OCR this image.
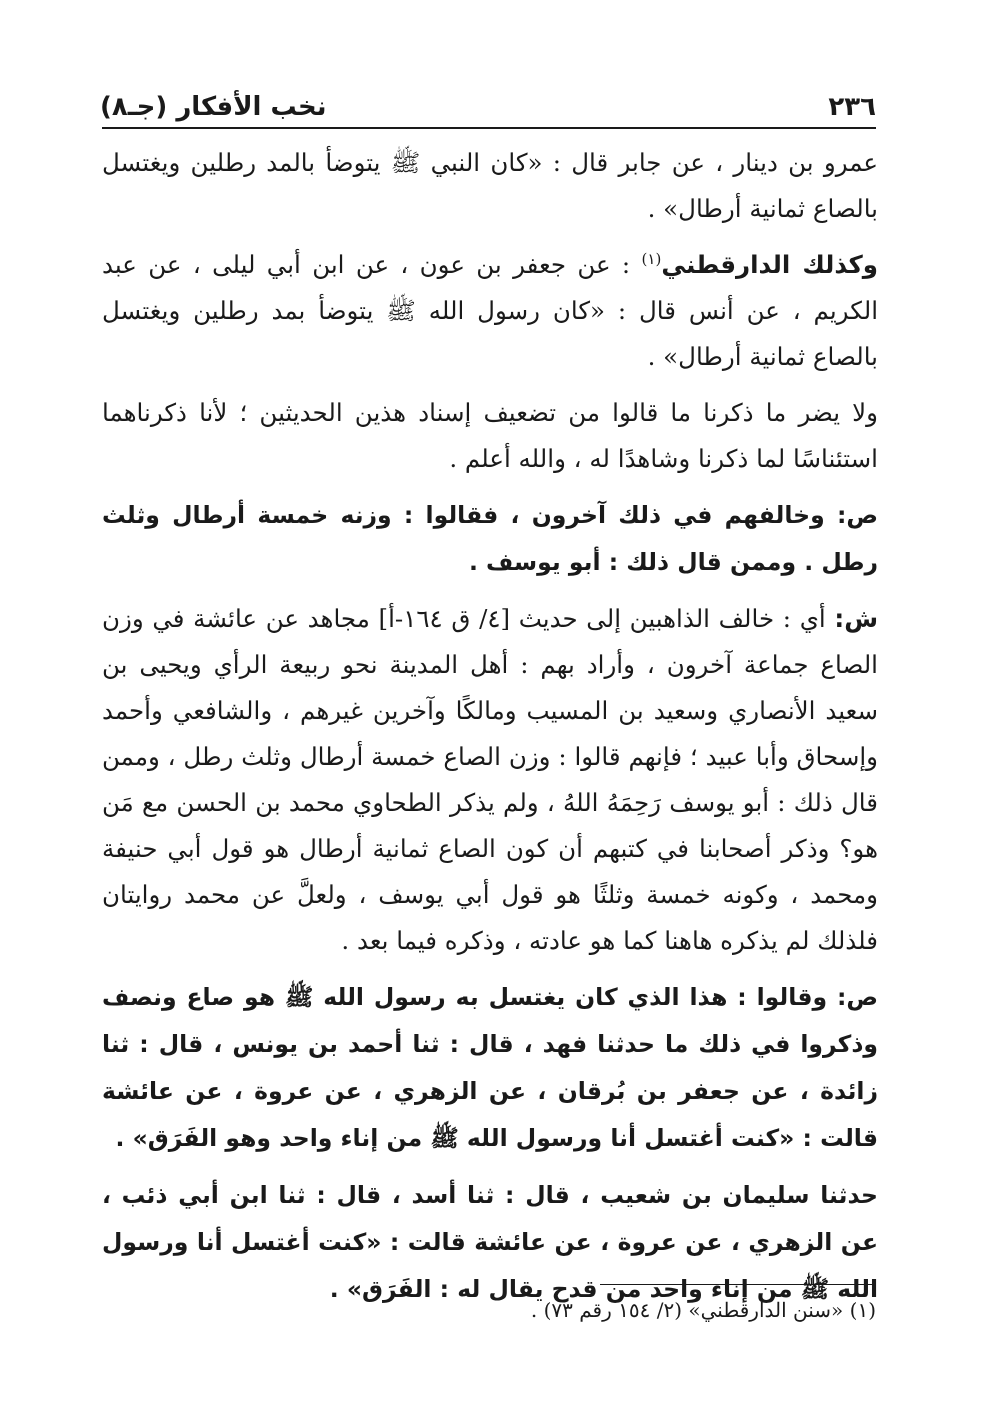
٢٣٦
نخب الأفكار (جـ٨)

عمرو بن دينار ، عن جابر قال : «كان النبي ﷺ يتوضأ بالمد رطلين ويغتسل بالصاع ثمانية أرطال» .

وكذلك الدارقطني$^{(١)}$ : عن جعفر بن عون ، عن ابن أبي ليلى ، عن عبد الكريم ، عن أنس قال : «كان رسول الله ﷺ يتوضأ بمد رطلين ويغتسل بالصاع ثمانية أرطال» .

ولا يضر ما ذكرنا ما قالوا من تضعيف إسناد هذين الحديثين ؛ لأنا ذكرناهما استئناسًا لما ذكرنا وشاهدًا له ، والله أعلم .

ص: وخالفهم في ذلك آخرون ، فقالوا : وزنه خمسة أرطال وثلث رطل . وممن قال ذلك : أبو يوسف .

ش: أي : خالف الذاهبين إلى حديث [٤/ ق ١٦٤-أ] مجاهد عن عائشة في وزن الصاع جماعة آخرون ، وأراد بهم : أهل المدينة نحو ربيعة الرأي ويحيى بن سعيد الأنصاري وسعيد بن المسيب ومالكًا وآخرين غيرهم ، والشافعي وأحمد وإسحاق وأبا عبيد ؛ فإنهم قالوا : وزن الصاع خمسة أرطال وثلث رطل ، وممن قال ذلك : أبو يوسف رَحِمَهُ اللهُ ، ولم يذكر الطحاوي محمد بن الحسن مع مَن هو؟ وذكر أصحابنا في كتبهم أن كون الصاع ثمانية أرطال هو قول أبي حنيفة ومحمد ، وكونه خمسة وثلثًا هو قول أبي يوسف ، ولعلَّ عن محمد روايتان فلذلك لم يذكره هاهنا كما هو عادته ، وذكره فيما بعد .

ص: وقالوا : هذا الذي كان يغتسل به رسول الله ﷺ هو صاع ونصف وذكروا في ذلك ما حدثنا فهد ، قال : ثنا أحمد بن يونس ، قال : ثنا زائدة ، عن جعفر بن بُرقان ، عن الزهري ، عن عروة ، عن عائشة قالت : «كنت أغتسل أنا ورسول الله ﷺ من إناء واحد وهو الفَرَق» .

حدثنا سليمان بن شعيب ، قال : ثنا أسد ، قال : ثنا ابن أبي ذئب ، عن الزهري ، عن عروة ، عن عائشة قالت : «كنت أغتسل أنا ورسول الله ﷺ من إناء واحد من قدح يقال له : الفَرَق» .

(١) «سنن الدارقطني» (٢/ ١٥٤ رقم ٧٣) .
